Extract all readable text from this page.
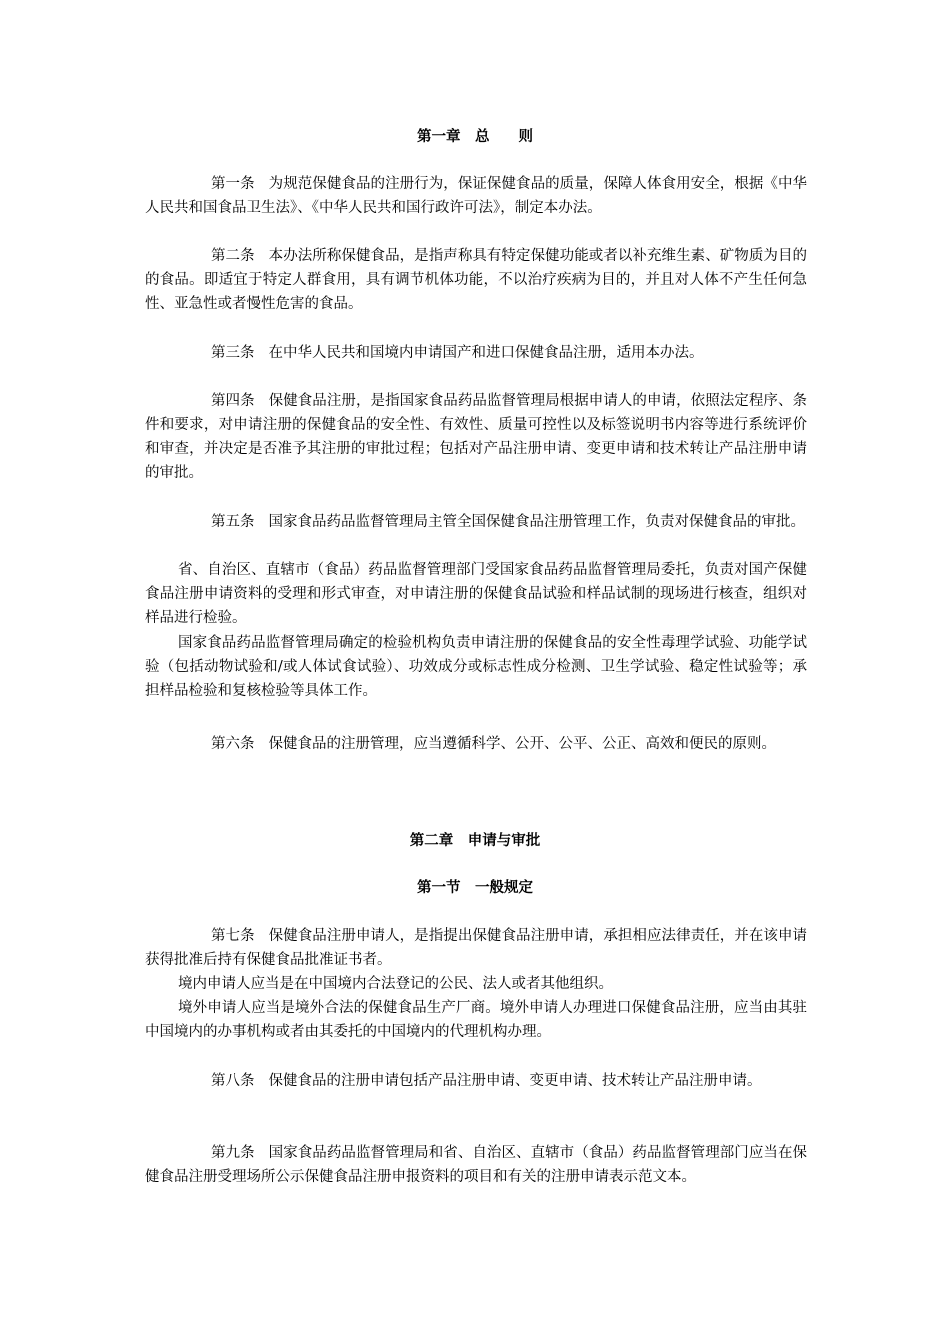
第一章　总　　则

第一条 为规范保健食品的注册行为，保证保健食品的质量，保障人体食用安全，根据《中华人民共和国食品卫生法》、《中华人民共和国行政许可法》，制定本办法。

第二条 本办法所称保健食品，是指声称具有特定保健功能或者以补充维生素、矿物质为目的的食品。即适宜于特定人群食用，具有调节机体功能，不以治疗疾病为目的，并且对人体不产生任何急性、亚急性或者慢性危害的食品。

第三条 在中华人民共和国境内申请国产和进口保健食品注册，适用本办法。

第四条 保健食品注册，是指国家食品药品监督管理局根据申请人的申请，依照法定程序、条件和要求，对申请注册的保健食品的安全性、有效性、质量可控性以及标签说明书内容等进行系统评价和审查，并决定是否准予其注册的审批过程；包括对产品注册申请、变更申请和技术转让产品注册申请的审批。

第五条 国家食品药品监督管理局主管全国保健食品注册管理工作，负责对保健食品的审批。

省、自治区、直辖市（食品）药品监督管理部门受国家食品药品监督管理局委托，负责对国产保健食品注册申请资料的受理和形式审查，对申请注册的保健食品试验和样品试制的现场进行核查，组织对样品进行检验。

国家食品药品监督管理局确定的检验机构负责申请注册的保健食品的安全性毒理学试验、功能学试验（包括动物试验和/或人体试食试验）、功效成分或标志性成分检测、卫生学试验、稳定性试验等；承担样品检验和复核检验等具体工作。

第六条 保健食品的注册管理，应当遵循科学、公开、公平、公正、高效和便民的原则。

第二章　申请与审批
第一节　一般规定

第七条 保健食品注册申请人，是指提出保健食品注册申请，承担相应法律责任，并在该申请获得批准后持有保健食品批准证书者。

境内申请人应当是在中国境内合法登记的公民、法人或者其他组织。

境外申请人应当是境外合法的保健食品生产厂商。境外申请人办理进口保健食品注册，应当由其驻中国境内的办事机构或者由其委托的中国境内的代理机构办理。

第八条 保健食品的注册申请包括产品注册申请、变更申请、技术转让产品注册申请。

第九条 国家食品药品监督管理局和省、自治区、直辖市（食品）药品监督管理部门应当在保健食品注册受理场所公示保健食品注册申报资料的项目和有关的注册申请表示范文本。
